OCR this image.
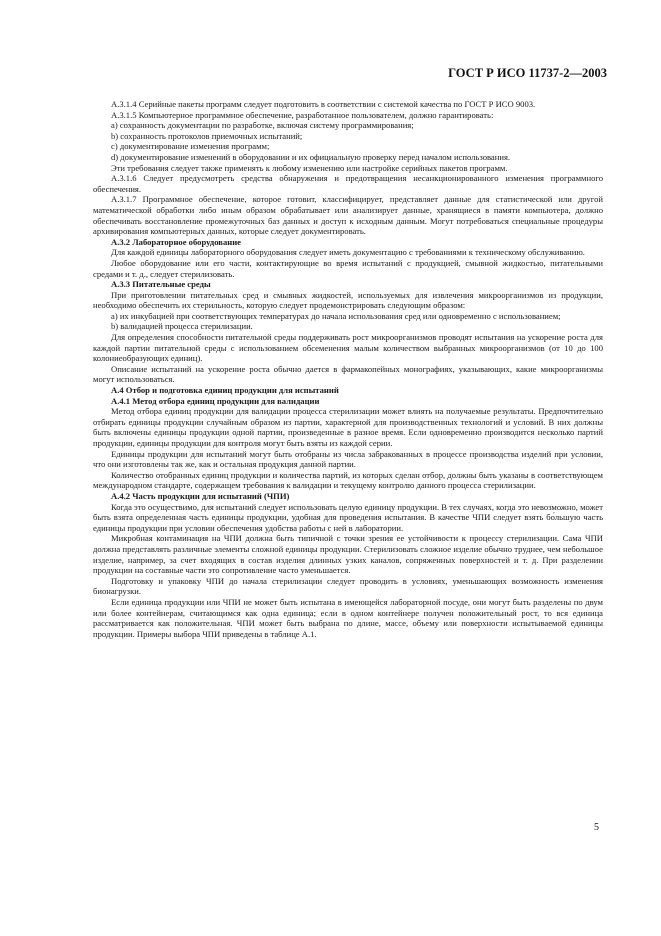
ГОСТ Р ИСО 11737-2—2003

А.3.1.4 Серийные пакеты программ следует подготовить в соответствии с системой качества по ГОСТ Р ИСО 9003.

А.3.1.5 Компьютерное программное обеспечение, разработанное пользователем, должно гарантировать:

а) сохранность документации по разработке, включая систему программирования;

b) сохранность протоколов приемочных испытаний;

с) документирование изменения программ;

d) документирование изменений в оборудовании и их официальную проверку перед началом использования.

Эти требования следует также применять к любому изменению или настройке серийных пакетов программ.

А.3.1.6 Следует предусмотреть средства обнаружения и предотвращения несанкционированного изменения программного обеспечения.

А.3.1.7 Программное обеспечение, которое готовит, классифицирует, представляет данные для статистической или другой математической обработки либо иным образом обрабатывает или анализирует данные, хранящиеся в памяти компьютера, должно обеспечивать восстановление промежуточных баз данных и доступ к исходным данным. Могут потребоваться специальные процедуры архивирования компьютерных данных, которые следует документировать.

А.3.2 Лабораторное оборудование

Для каждой единицы лабораторного оборудования следует иметь документацию с требованиями к техническому обслуживанию.

Любое оборудование или его части, контактирующие во время испытаний с продукцией, смывной жидкостью, питательными средами и т. д., следует стерилизовать.

А.3.3 Питательные среды

При приготовлении питательных сред и смывных жидкостей, используемых для извлечения микроорганизмов из продукции, необходимо обеспечить их стерильность, которую следует продемонстрировать следующим образом:

а) их инкубацией при соответствующих температурах до начала использования сред или одновременно с использованием;

b) валидацией процесса стерилизации.

Для определения способности питательной среды поддерживать рост микроорганизмов проводят испытания на ускорение роста для каждой партии питательной среды с использованием обсеменения малым количеством выбранных микроорганизмов (от 10 до 100 колониеобразующих единиц).

Описание испытаний на ускорение роста обычно дается в фармакопейных монографиях, указывающих, какие микроорганизмы могут использоваться.

А.4 Отбор и подготовка единиц продукции для испытаний

А.4.1 Метод отбора единиц продукции для валидации

Метод отбора единиц продукции для валидации процесса стерилизации может влиять на получаемые результаты. Предпочтительно отбирать единицы продукции случайным образом из партии, характерной для производственных технологий и условий. В них должны быть включены единицы продукции одной партии, произведенные в разное время. Если одновременно производится несколько партий продукции, единицы продукции для контроля могут быть взяты из каждой серии.

Единицы продукции для испытаний могут быть отобраны из числа забракованных в процессе производства изделий при условии, что они изготовлены так же, как и остальная продукция данной партии.

Количество отобранных единиц продукции и количества партий, из которых сделан отбор, должны быть указаны в соответствующем международном стандарте, содержащем требования к валидации и текущему контролю данного процесса стерилизации.

А.4.2 Часть продукции для испытаний (ЧПИ)

Когда это осуществимо, для испытаний следует использовать целую единицу продукции. В тех случаях, когда это невозможно, может быть взята определенная часть единицы продукции, удобная для проведения испытания. В качестве ЧПИ следует взять бо́льшую часть единицы продукции при условии обеспечения удобства работы с ней в лаборатории.

Микробная контаминация на ЧПИ должна быть типичной с точки зрения ее устойчивости к процессу стерилизации. Сама ЧПИ должна представлять различные элементы сложной единицы продукции. Стерилизовать сложное изделие обычно труднее, чем небольшое изделие, например, за счет входящих в состав изделия длинных узких каналов, сопряженных поверхностей и т. д. При разделении продукции на составные части это сопротивление часто уменьшается.

Подготовку и упаковку ЧПИ до начала стерилизации следует проводить в условиях, уменьшающих возможность изменения бионагрузки.

Если единица продукции или ЧПИ не может быть испытана в имеющейся лабораторной посуде, они могут быть разделены по двум или более контейнерам, считающимся как одна единица; если в одном контейнере получен положительный рост, то вся единица рассматривается как положительная. ЧПИ может быть выбрана по длине, массе, объему или поверхности испытываемой единицы продукции. Примеры выбора ЧПИ приведены в таблице А.1.

5
